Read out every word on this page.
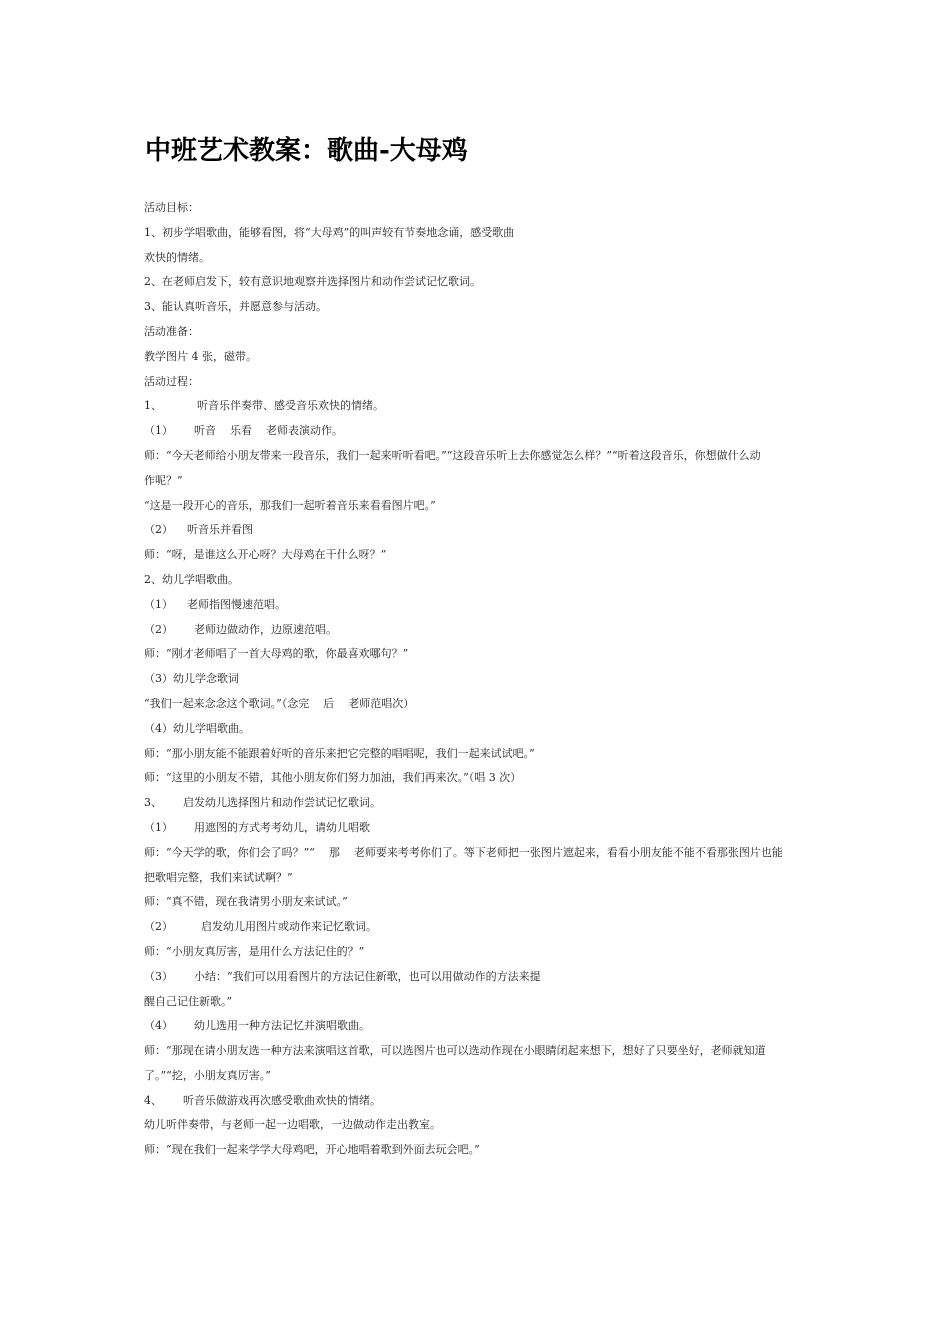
中班艺术教案：歌曲-大母鸡
活动目标：
1、初步学唱歌曲，能够看图，将“大母鸡”的叫声较有节奏地念诵，感受歌曲
欢快的情绪。
2、在老师启发下，较有意识地观察并选择图片和动作尝试记忆歌词。
3、能认真听音乐，并愿意参与活动。
活动准备：
教学图片 4 张，磁带。
活动过程：
1、          听音乐伴奏带、感受音乐欢快的情绪。
（1）      听音    乐看    老师表演动作。
师：“今天老师给小朋友带来一段音乐，我们一起来听听看吧。”“这段音乐听上去你感觉怎么样？”“听着这段音乐，你想做什么动
作呢？”
“这是一段开心的音乐，那我们一起听着音乐来看看图片吧。”
（2）    听音乐并看图
师：“呀，是谁这么开心呀？大母鸡在干什么呀？”
2、幼儿学唱歌曲。
（1）    老师指图慢速范唱。
（2）      老师边做动作，边原速范唱。
师：“刚才老师唱了一首大母鸡的歌，你最喜欢哪句？”
（3）幼儿学念歌词
“我们一起来念念这个歌词。”（念完    后    老师范唱次）
（4）幼儿学唱歌曲。
师：“那小朋友能不能跟着好听的音乐来把它完整的唱唱呢，我们一起来试试吧。”
师：“这里的小朋友不错，其他小朋友你们努力加油，我们再来次。”（唱 3 次）
3、      启发幼儿选择图片和动作尝试记忆歌词。
（1）      用遮图的方式考考幼儿，请幼儿唱歌
师：“今天学的歌，你们会了吗？”“    那    老师要来考考你们了。等下老师把一张图片遮起来，看看小朋友能不能不看那张图片也能
把歌唱完整，我们来试试啊？”
师：“真不错，现在我请男小朋友来试试。”
（2）        启发幼儿用图片或动作来记忆歌词。
师：“小朋友真厉害，是用什么方法记住的？”
（3）      小结：“我们可以用看图片的方法记住新歌，也可以用做动作的方法来提
醒自己记住新歌。”
（4）      幼儿选用一种方法记忆并演唱歌曲。
师：“那现在请小朋友选一种方法来演唱这首歌，可以选图片也可以选动作现在小眼睛闭起来想下，想好了只要坐好，老师就知道
了。”“挖，小朋友真厉害。”
4、      听音乐做游戏再次感受歌曲欢快的情绪。
幼儿听伴奏带，与老师一起一边唱歌，一边做动作走出教室。
师：“现在我们一起来学学大母鸡吧，开心地唱着歌到外面去玩会吧。”
